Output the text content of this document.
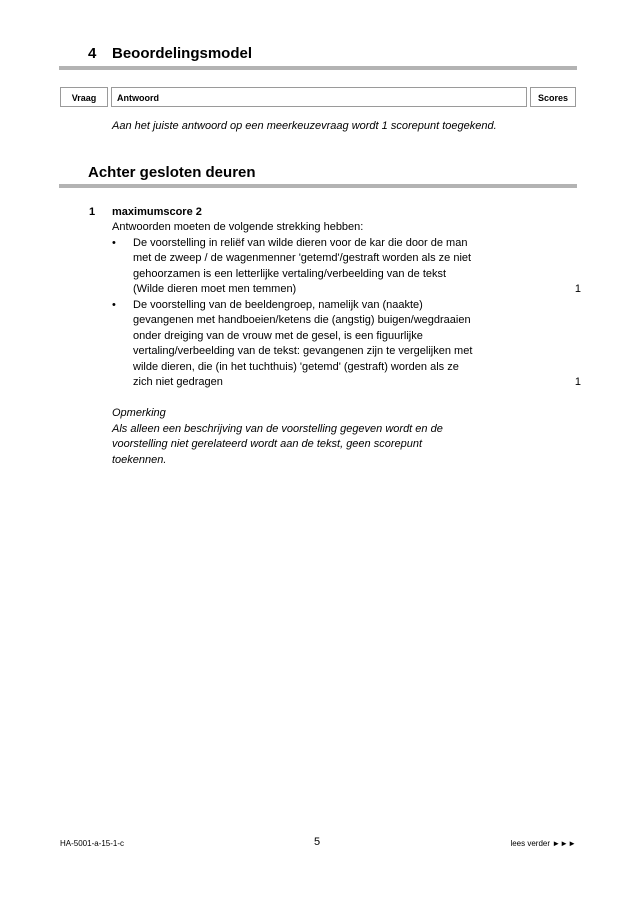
4 Beoordelingsmodel
Vraag	Antwoord	Scores
Aan het juiste antwoord op een meerkeuzevraag wordt 1 scorepunt toegekend.
Achter gesloten deuren
1 maximumscore 2
Antwoorden moeten de volgende strekking hebben:
• De voorstelling in reliëf van wilde dieren voor de kar die door de man
met de zweep / de wagenmenner 'getemd'/gestraft worden als ze niet
gehoorzamen is een letterlijke vertaling/verbeelding van de tekst
(Wilde dieren moet men temmen)	1
• De voorstelling van de beeldengroep, namelijk van (naakte)
gevangenen met handboeien/ketens die (angstig) buigen/wegdraaien
onder dreiging van de vrouw met de gesel, is een figuurlijke
vertaling/verbeelding van de tekst: gevangenen zijn te vergelijken met
wilde dieren, die (in het tuchthuis) 'getemd' (gestraft) worden als ze
zich niet gedragen	1
Opmerking
Als alleen een beschrijving van de voorstelling gegeven wordt en de
voorstelling niet gerelateerd wordt aan de tekst, geen scorepunt
toekennen.
HA-5001-a-15-1-c	5	lees verder ►►►
